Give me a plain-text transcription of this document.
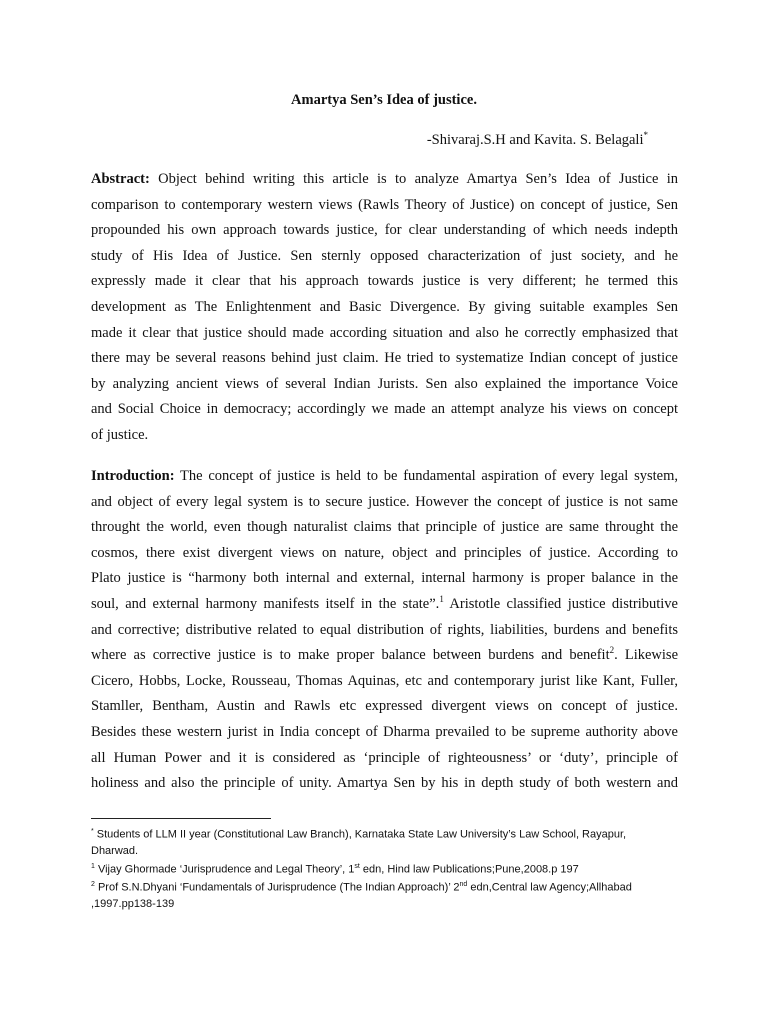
Amartya Sen’s Idea of justice.
-Shivaraj.S.H and Kavita. S. Belagali*
Abstract: Object behind writing this article is to analyze Amartya Sen’s Idea of Justice in
comparison to contemporary western views (Rawls Theory of Justice) on concept of justice, Sen
propounded his own approach towards justice, for clear understanding of which needs indepth
study of His Idea of Justice. Sen sternly opposed characterization of just society, and he
expressly made it clear that his approach towards justice is very different; he termed this
development as The Enlightenment and Basic Divergence. By giving suitable examples Sen
made it clear that justice should made according situation and also he correctly emphasized that
there may be several reasons behind just claim. He tried to systematize Indian concept of justice
by analyzing ancient views of several Indian Jurists. Sen also explained the importance Voice
and Social Choice in democracy; accordingly we made an attempt analyze his views on concept
of justice.
Introduction: The concept of justice is held to be fundamental aspiration of every legal system,
and object of every legal system is to secure justice. However the concept of justice is not same
throught the world, even though naturalist claims that principle of justice are same throught the
cosmos, there exist divergent views on nature, object and principles of justice. According to
Plato justice is “harmony both internal and external, internal harmony is proper balance in the
soul, and external harmony manifests itself in the state”.$^1$ Aristotle classified justice distributive
and corrective; distributive related to equal distribution of rights, liabilities, burdens and benefits
where as corrective justice is to make proper balance between burdens and benefit$^2$. Likewise
Cicero, Hobbs, Locke, Rousseau, Thomas Aquinas, etc and contemporary jurist like Kant, Fuller,
Stamller, Bentham, Austin and Rawls etc expressed divergent views on concept of justice.
Besides these western jurist in India concept of Dharma prevailed to be supreme authority above
all Human Power and it is considered as ‘principle of righteousness’ or ‘duty’, principle of
holiness and also the principle of unity. Amartya Sen by his in depth study of both western and
* Students of LLM II year (Constitutional Law Branch), Karnataka State Law University’s Law School, Rayapur,
Dharwad.
$^1$ Vijay Ghormade ‘Jurisprudence and Legal Theory’, 1st edn, Hind law Publications;Pune,2008.p 197
$^2$ Prof S.N.Dhyani ‘Fundamentals of Jurisprudence (The Indian Approach)’ 2nd edn,Central law Agency;Allhabad
,1997.pp138-139
